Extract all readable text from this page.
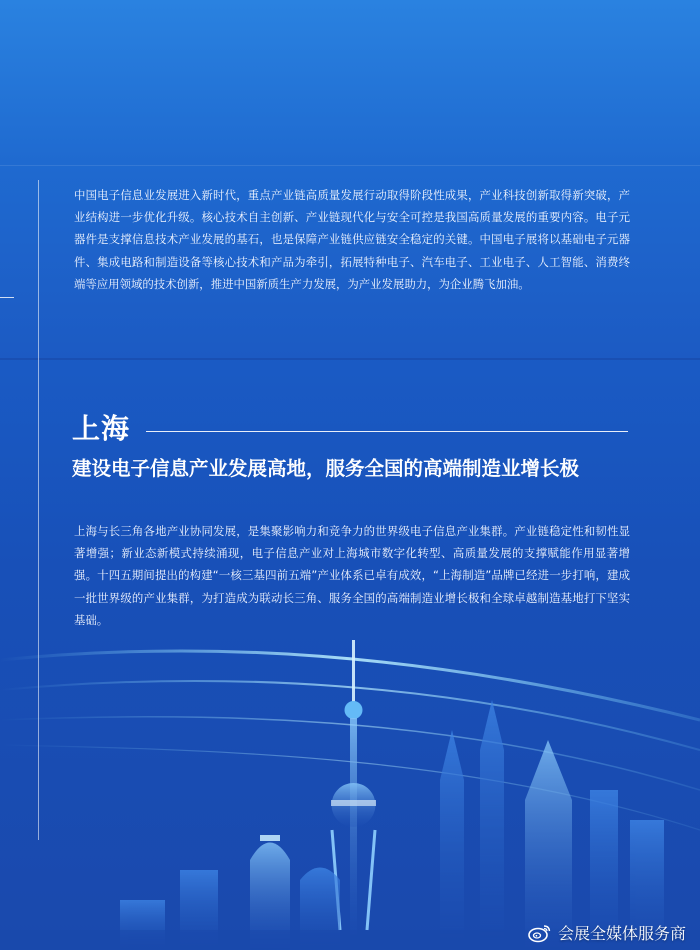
中国电子信息业发展进入新时代，重点产业链高质量发展行动取得阶段性成果，产业科技创新取得新突破，产业结构进一步优化升级。核心技术自主创新、产业链现代化与安全可控是我国高质量发展的重要内容。电子元器件是支撑信息技术产业发展的基石，也是保障产业链供应链安全稳定的关键。中国电子展将以基础电子元器件、集成电路和制造设备等核心技术和产品为牵引，拓展特种电子、汽车电子、工业电子、人工智能、消费终端等应用领域的技术创新，推进中国新质生产力发展，为产业发展助力，为企业腾飞加油。

上海
建设电子信息产业发展高地，服务全国的高端制造业增长极

上海与长三角各地产业协同发展，是集聚影响力和竞争力的世界级电子信息产业集群。产业链稳定性和韧性显著增强；新业态新模式持续涌现，电子信息产业对上海城市数字化转型、高质量发展的支撑赋能作用显著增强。十四五期间提出的构建“一核三基四前五端”产业体系已卓有成效，“上海制造”品牌已经进一步打响，建成一批世界级的产业集群，为打造成为联动长三角、服务全国的高端制造业增长极和全球卓越制造基地打下坚实基础。

会展全媒体服务商
